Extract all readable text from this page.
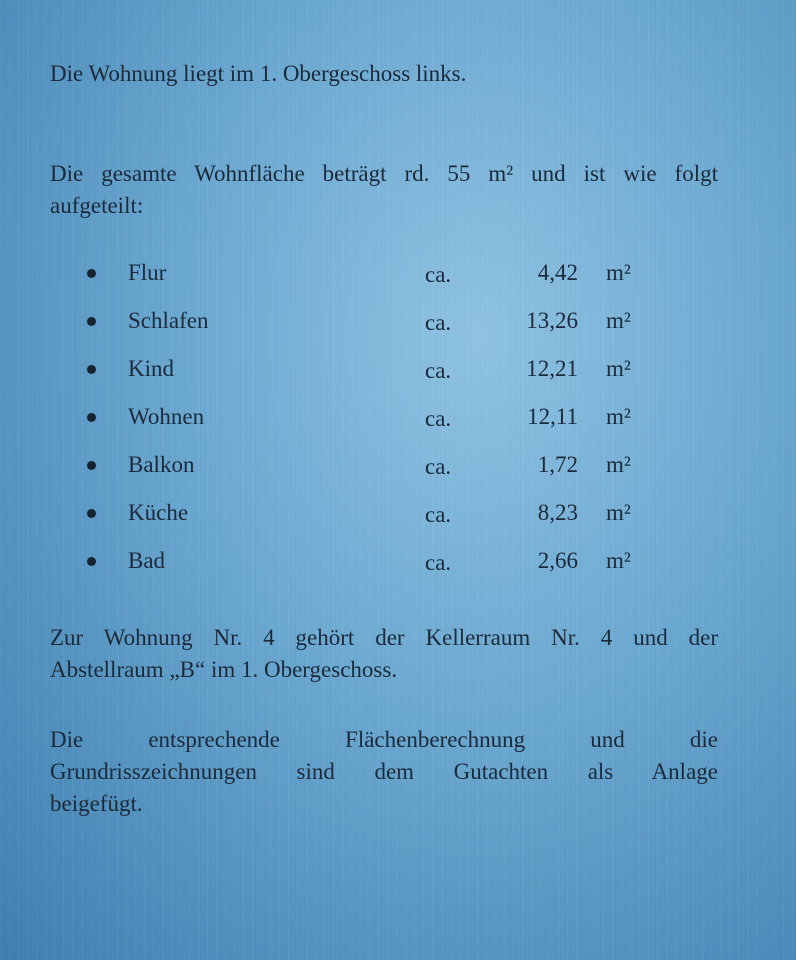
Die Wohnung liegt im 1. Obergeschoss links.

Die gesamte Wohnfläche beträgt rd. 55 m² und ist wie folgt
aufgeteilt:

Flur	ca.	4,42 m²
Schlafen	ca.	13,26 m²
Kind	ca.	12,21 m²
Wohnen	ca.	12,11 m²
Balkon	ca.	1,72 m²
Küche	ca.	8,23 m²
Bad	ca.	2,66 m²

Zur Wohnung Nr. 4 gehört der Kellerraum Nr. 4 und der
Abstellraum „B“ im 1. Obergeschoss.

Die entsprechende Flächenberechnung und die
Grundrisszeichnungen sind dem Gutachten als Anlage
beigefügt.
